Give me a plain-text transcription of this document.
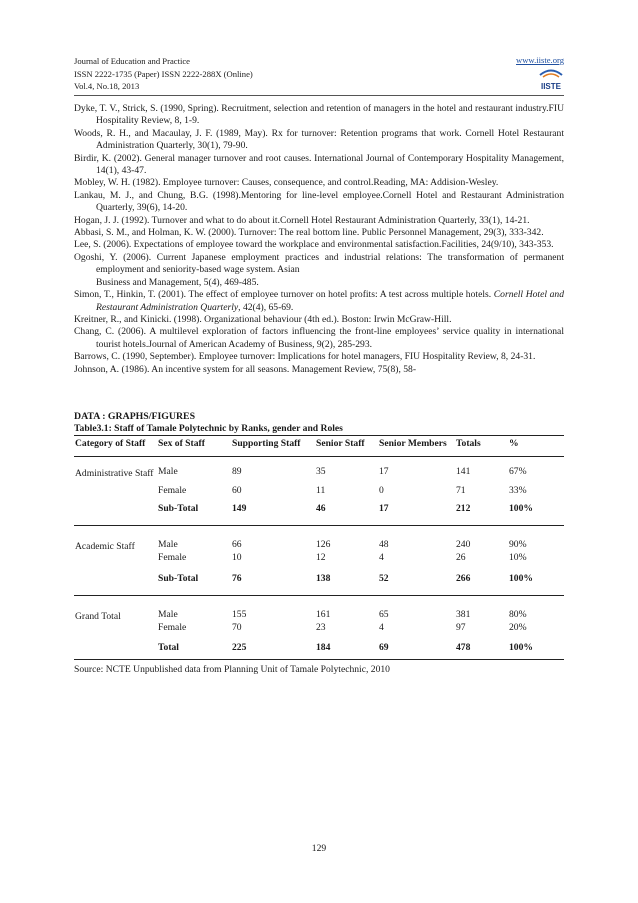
Journal of Education and Practice
ISSN 2222-1735 (Paper) ISSN 2222-288X (Online)
Vol.4, No.18, 2013
www.iiste.org
IISTE

Dyke, T. V., Strick, S. (1990, Spring). Recruitment, selection and retention of managers in the hotel and restaurant industry.FIU Hospitality Review, 8, 1-9.

Woods, R. H., and Macaulay, J. F. (1989, May). Rx for turnover: Retention programs that work. Cornell Hotel Restaurant Administration Quarterly, 30(1), 79-90.

Birdir, K. (2002). General manager turnover and root causes. International Journal of Contemporary Hospitality Management, 14(1), 43-47.

Mobley, W. H. (1982). Employee turnover: Causes, consequence, and control.Reading, MA: Addision-Wesley.

Lankau, M. J., and Chung, B.G. (1998).Mentoring for line-level employee.Cornell Hotel and Restaurant Administration Quarterly, 39(6), 14-20.

Hogan, J. J. (1992). Turnover and what to do about it.Cornell Hotel Restaurant Administration Quarterly, 33(1), 14-21.

Abbasi, S. M., and Holman, K. W. (2000). Turnover: The real bottom line. Public Personnel Management, 29(3), 333-342.

Lee, S. (2006). Expectations of employee toward the workplace and environmental satisfaction.Facilities, 24(9/10), 343-353.

Ogoshi, Y. (2006). Current Japanese employment practices and industrial relations: The transformation of permanent employment and seniority-based wage system. Asian

Business and Management, 5(4), 469-485.

Simon, T., Hinkin, T. (2001). The effect of employee turnover on hotel profits: A test across multiple hotels. Cornell Hotel and Restaurant Administration Quarterly, 42(4), 65-69.

Kreitner, R., and Kinicki. (1998). Organizational behaviour (4th ed.). Boston: Irwin McGraw-Hill.

Chang, C. (2006). A multilevel exploration of factors influencing the front-line employees’ service quality in international tourist hotels.Journal of American Academy of Business, 9(2), 285-293.

Barrows, C. (1990, September). Employee turnover: Implications for hotel managers, FIU Hospitality Review, 8, 24-31.

Johnson, A. (1986). An incentive system for all seasons. Management Review, 75(8), 58-

DATA : GRAPHS/FIGURES

Table3.1: Staff of Tamale Polytechnic by Ranks, gender and Roles

Category of Staff	Sex of Staff	Supporting Staff	Senior Staff	Senior Members	Totals	%
Administrative Staff	Male	89	35	17	141	67%
	Female	60	11	0	71	33%
	Sub-Total	149	46	17	212	100%
Academic Staff	Male	66	126	48	240	90%
	Female	10	12	4	26	10%
	Sub-Total	76	138	52	266	100%
Grand Total	Male	155	161	65	381	80%
	Female	70	23	4	97	20%
	Total	225	184	69	478	100%
Source: NCTE Unpublished data from Planning Unit of Tamale Polytechnic, 2010
129
